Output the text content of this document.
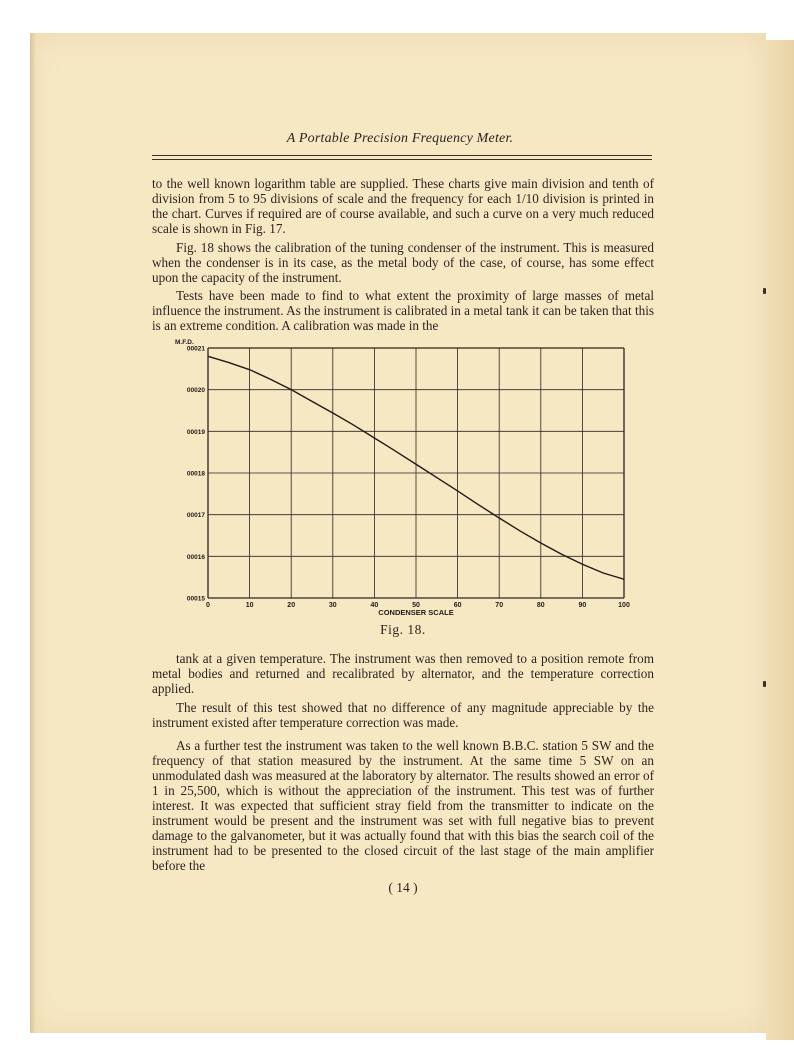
A Portable Precision Frequency Meter.

to the well known logarithm table are supplied. These charts give main division and tenth of division from 5 to 95 divisions of scale and the frequency for each 1/10 division is printed in the chart. Curves if required are of course available, and such a curve on a very much reduced scale is shown in Fig. 17.

Fig. 18 shows the calibration of the tuning condenser of the instrument. This is measured when the condenser is in its case, as the metal body of the case, of course, has some effect upon the capacity of the instrument.

Tests have been made to find to what extent the proximity of large masses of metal influence the instrument. As the instrument is calibrated in a metal tank it can be taken that this is an extreme condition. A calibration was made in the

0	10	20	30	40	50	60	70	80	90	100
00015
00016
00017
00018
00019
00020
00021
M.F.D.
CONDENSER SCALE
Fig. 18.

tank at a given temperature. The instrument was then removed to a position remote from metal bodies and returned and recalibrated by alternator, and the temperature correction applied.

The result of this test showed that no difference of any magnitude appreciable by the instrument existed after temperature correction was made.

As a further test the instrument was taken to the well known B.B.C. station 5 SW and the frequency of that station measured by the instrument. At the same time 5 SW on an unmodulated dash was measured at the laboratory by alternator. The results showed an error of 1 in 25,500, which is without the appreciation of the instrument. This test was of further interest. It was expected that sufficient stray field from the transmitter to indicate on the instrument would be present and the instrument was set with full negative bias to prevent damage to the galvanometer, but it was actually found that with this bias the search coil of the instrument had to be presented to the closed circuit of the last stage of the main amplifier before the

( 14 )
